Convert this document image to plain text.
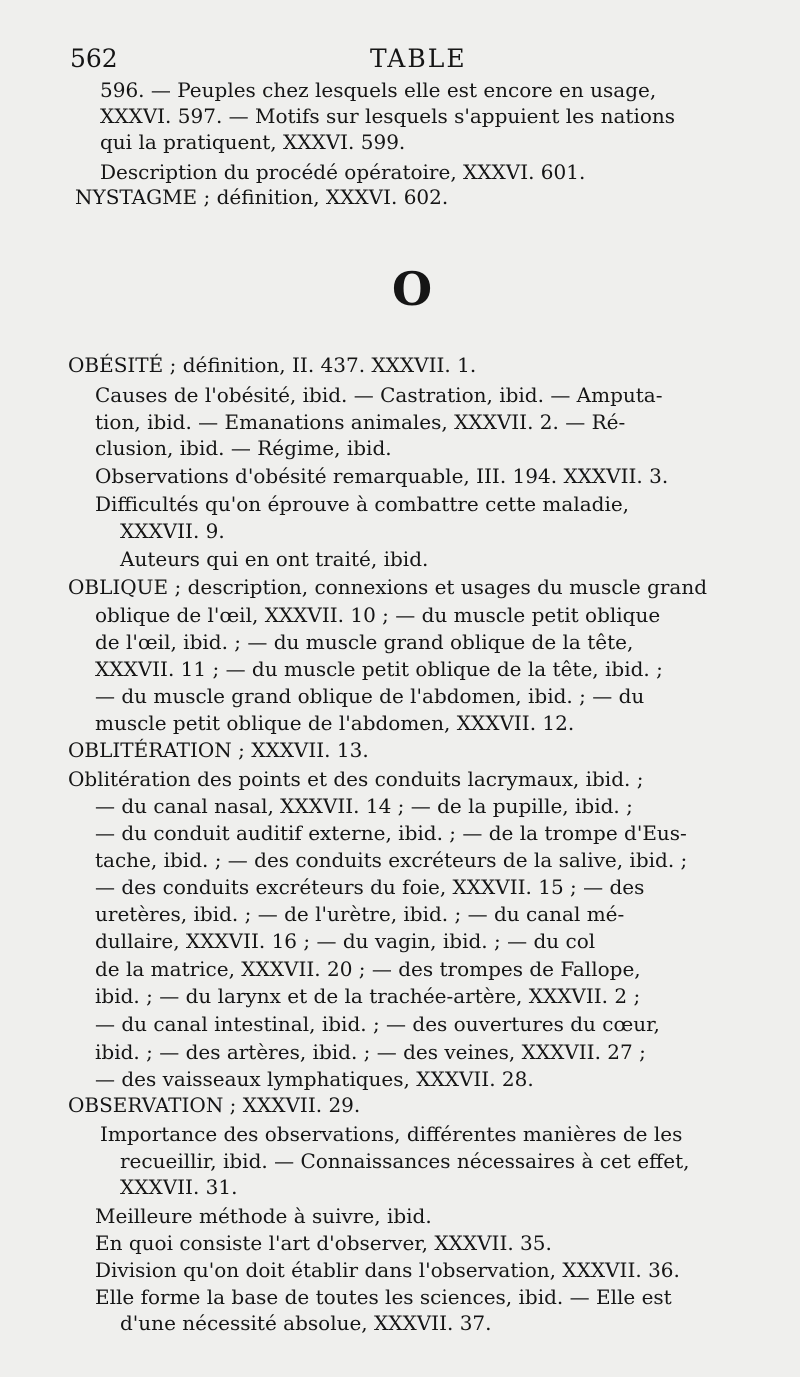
562	TABLE
O
596. — Peuples chez lesquels elle est encore en usage,
XXXVI. 597. — Motifs sur lesquels s'appuient les nations
qui la pratiquent, XXXVI. 599.
Description du procédé opératoire, XXXVI. 601.
NYSTAGME ; définition, XXXVI. 602.
OBÉSITÉ ; définition, II. 437. XXXVII. 1.
Causes de l'obésité, ibid. — Castration, ibid. — Amputa-
tion, ibid. — Emanations animales, XXXVII. 2. — Ré-
clusion, ibid. — Régime, ibid.
Observations d'obésité remarquable, III. 194. XXXVII. 3.
Difficultés qu'on éprouve à combattre cette maladie,
XXXVII. 9.
Auteurs qui en ont traité, ibid.
OBLIQUE ; description, connexions et usages du muscle grand
oblique de l'œil, XXXVII. 10 ; — du muscle petit oblique
de l'œil, ibid. ; — du muscle grand oblique de la tête,
XXXVII. 11 ; — du muscle petit oblique de la tête, ibid. ;
— du muscle grand oblique de l'abdomen, ibid. ; — du
muscle petit oblique de l'abdomen, XXXVII. 12.
OBLITÉRATION ; XXXVII. 13.
Oblitération des points et des conduits lacrymaux, ibid. ;
— du canal nasal, XXXVII. 14 ; — de la pupille, ibid. ;
— du conduit auditif externe, ibid. ; — de la trompe d'Eus-
tache, ibid. ; — des conduits excréteurs de la salive, ibid. ;
— des conduits excréteurs du foie, XXXVII. 15 ; — des
uretères, ibid. ; — de l'urètre, ibid. ; — du canal mé-
dullaire, XXXVII. 16 ; — du vagin, ibid. ; — du col
de la matrice, XXXVII. 20 ; — des trompes de Fallope,
ibid. ; — du larynx et de la trachée-artère, XXXVII. 2 ;
— du canal intestinal, ibid. ; — des ouvertures du cœur,
ibid. ; — des artères, ibid. ; — des veines, XXXVII. 27 ;
— des vaisseaux lymphatiques, XXXVII. 28.
OBSERVATION ; XXXVII. 29.
Importance des observations, différentes manières de les
recueillir, ibid. — Connaissances nécessaires à cet effet,
XXXVII. 31.
Meilleure méthode à suivre, ibid.
En quoi consiste l'art d'observer, XXXVII. 35.
Division qu'on doit établir dans l'observation, XXXVII. 36.
Elle forme la base de toutes les sciences, ibid. — Elle est
d'une nécessité absolue, XXXVII. 37.
